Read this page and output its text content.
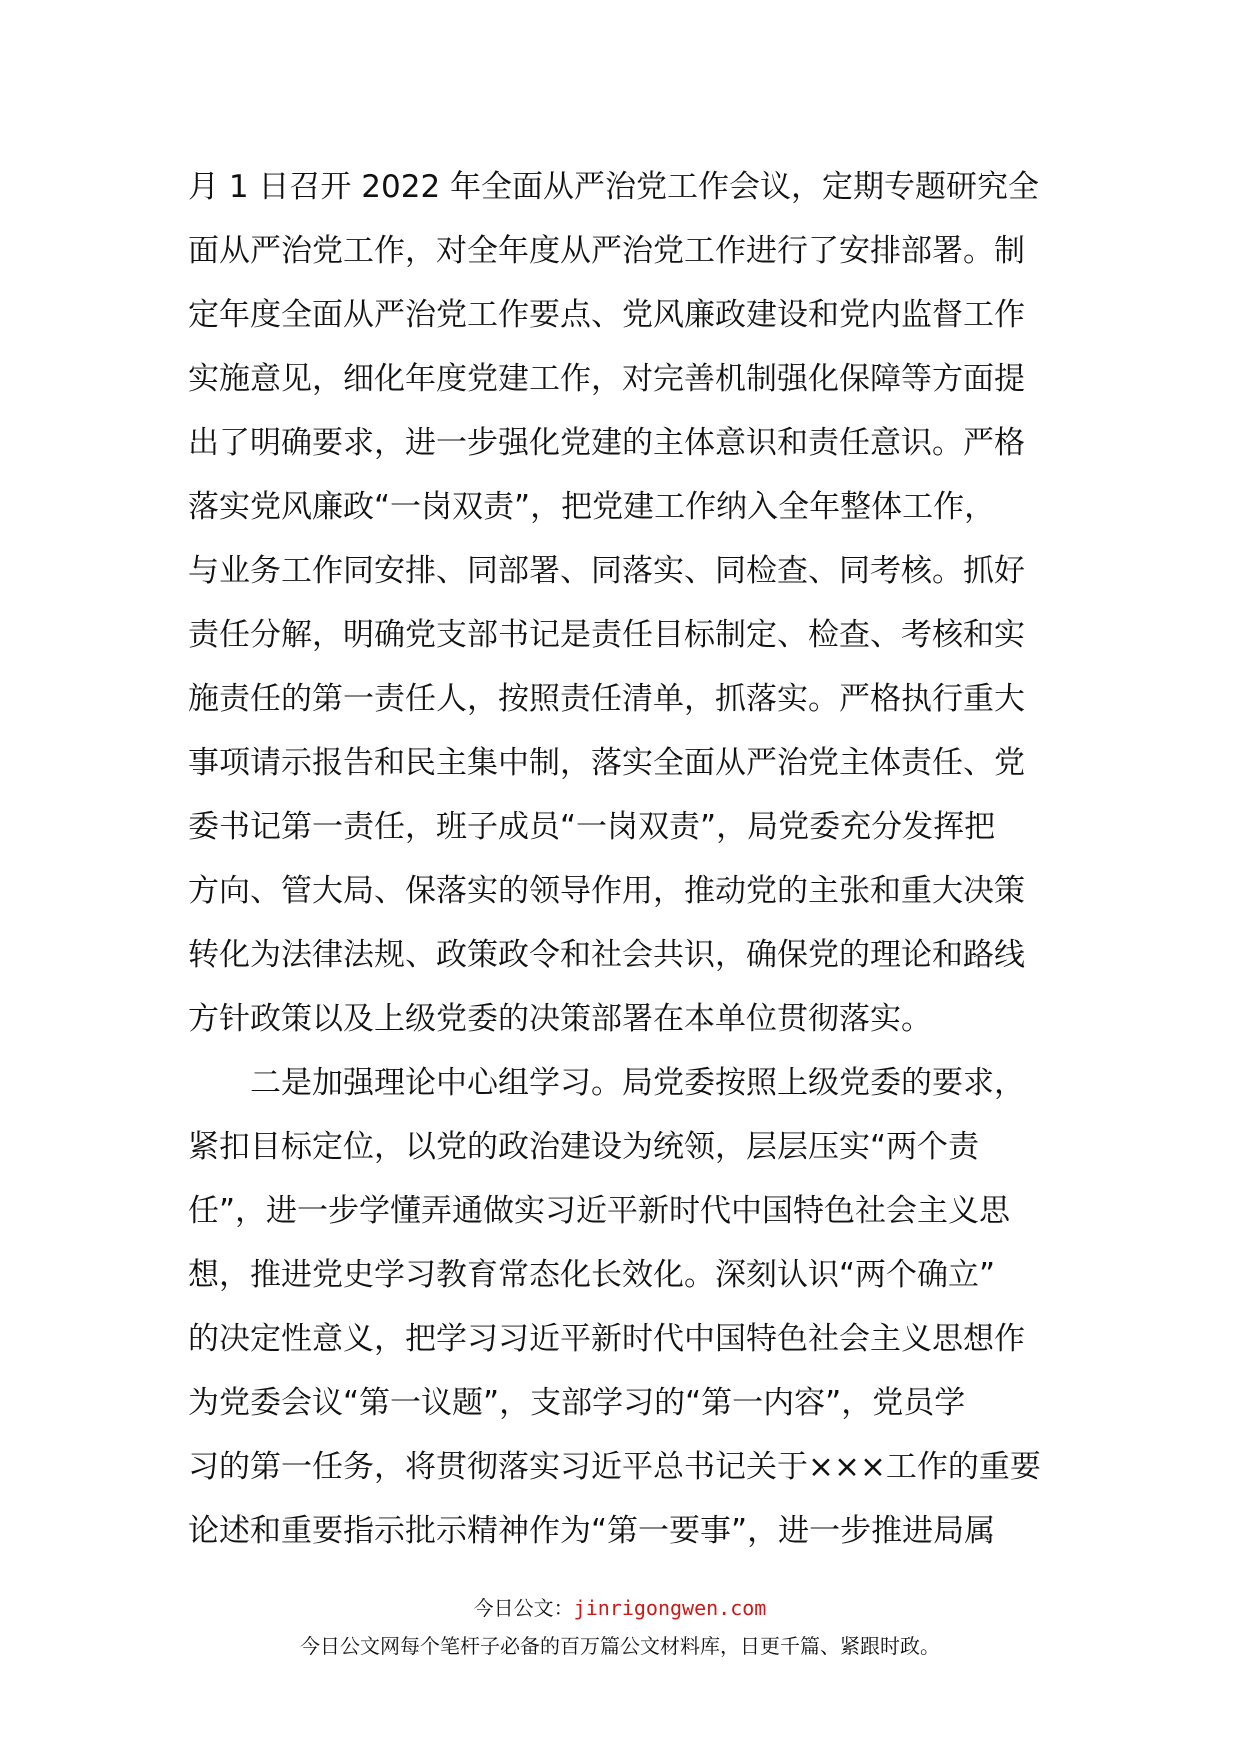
月 1 日召开 2022 年全面从严治党工作会议，定期专题研究全
面从严治党工作，对全年度从严治党工作进行了安排部署。制
定年度全面从严治党工作要点、党风廉政建设和党内监督工作
实施意见，细化年度党建工作，对完善机制强化保障等方面提
出了明确要求，进一步强化党建的主体意识和责任意识。严格
落实党风廉政“一岗双责”，把党建工作纳入全年整体工作，
与业务工作同安排、同部署、同落实、同检查、同考核。抓好
责任分解，明确党支部书记是责任目标制定、检查、考核和实
施责任的第一责任人，按照责任清单，抓落实。严格执行重大
事项请示报告和民主集中制，落实全面从严治党主体责任、党
委书记第一责任，班子成员“一岗双责”，局党委充分发挥把
方向、管大局、保落实的领导作用，推动党的主张和重大决策
转化为法律法规、政策政令和社会共识，确保党的理论和路线
方针政策以及上级党委的决策部署在本单位贯彻落实。
二是加强理论中心组学习。局党委按照上级党委的要求，
紧扣目标定位，以党的政治建设为统领，层层压实“两个责
任”，进一步学懂弄通做实习近平新时代中国特色社会主义思
想，推进党史学习教育常态化长效化。深刻认识“两个确立”
的决定性意义，把学习习近平新时代中国特色社会主义思想作
为党委会议“第一议题”，支部学习的“第一内容”，党员学
习的第一任务，将贯彻落实习近平总书记关于×××工作的重要
论述和重要指示批示精神作为“第一要事”，进一步推进局属
今日公文：jinrigongwen.com
今日公文网每个笔杆子必备的百万篇公文材料库，日更千篇、紧跟时政。
